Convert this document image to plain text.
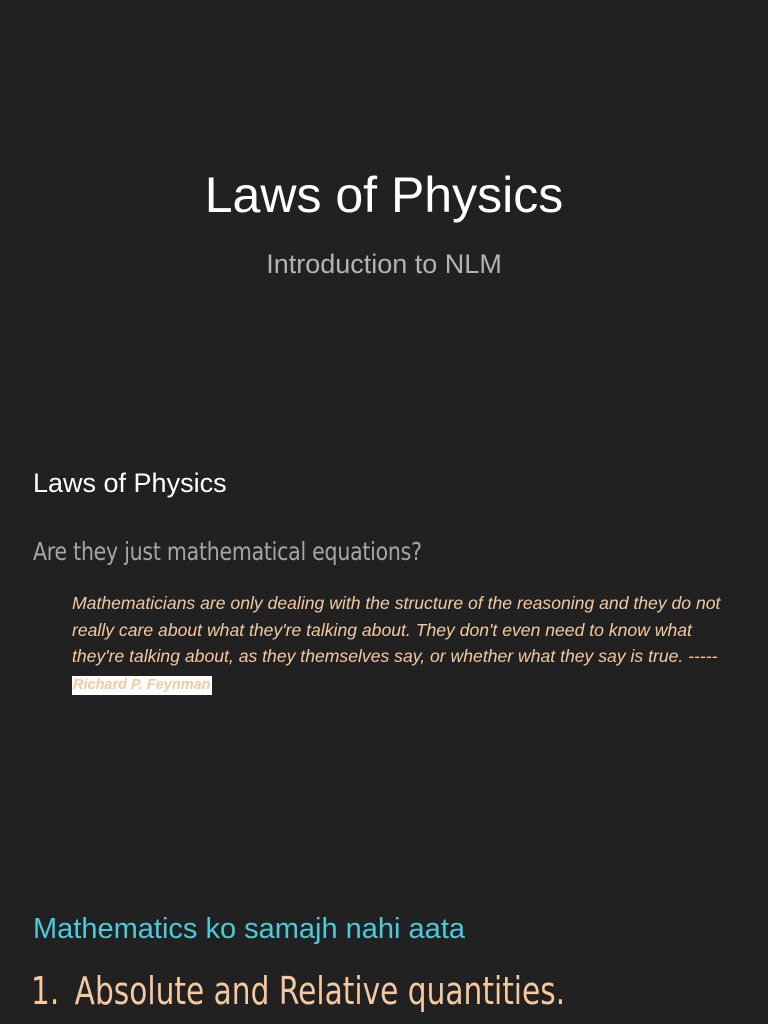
Laws of Physics
Introduction to NLM
Laws of Physics
Are they just mathematical equations?
Mathematicians are only dealing with the structure of the reasoning and they do not really care about what they're talking about. They don't even need to know what they're talking about, as they themselves say, or whether what they say is true. ----- Richard P. Feynman
Mathematics ko samajh nahi aata
1. Absolute and Relative quantities.
